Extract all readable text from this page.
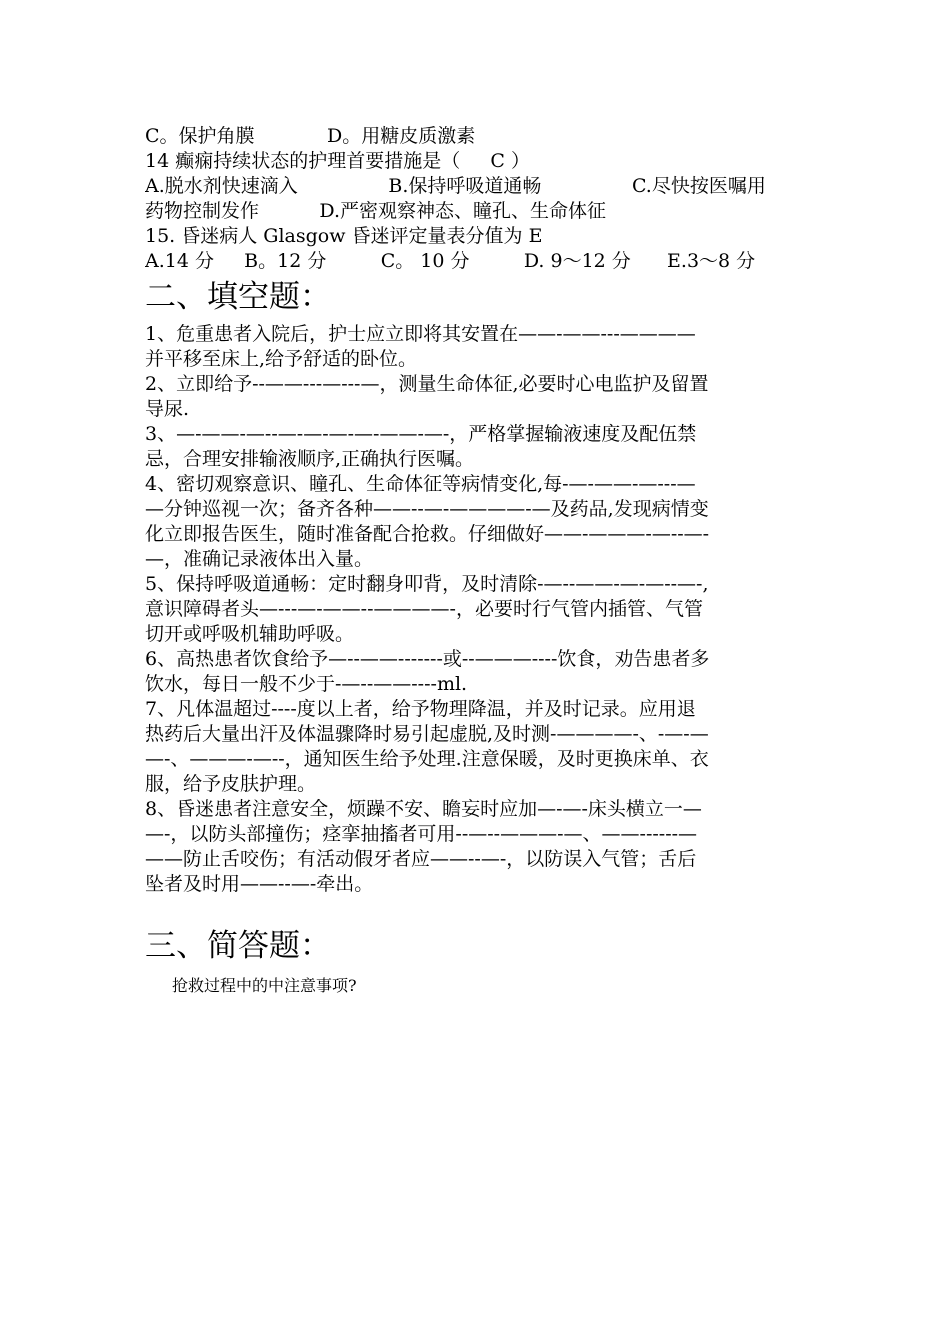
C。保护角膜            D。用糖皮质激素
14 癫痫持续状态的护理首要措施是（     C ）
A.脱水剂快速滴入               B.保持呼吸道通畅               C.尽快按医嘱用
药物控制发作          D.严密观察神态、瞳孔、生命体征
15. 昏迷病人 Glasgow 昏迷评定量表分值为 E
A.14 分     B。12 分         C。 10 分         D. 9～12 分      E.3～8 分
二、填空题：
1、危重患者入院后，护士应立即将其安置在——-——---————
并平移至床上,给予舒适的卧位。
2、立即给予--——---—---—，测量生命体征,必要时心电监护及留置
导尿.
3、—-——-—--—-—-—-—-——-—-，严格掌握输液速度及配伍禁
忌，合理安排输液顺序,正确执行医嘱。
4、密切观察意识、瞳孔、生命体征等病情变化,每-—-——-—---—
—分钟巡视一次；备齐各种——--—-————-—及药品,发现病情变
化立即报告医生，随时准备配合抢救。仔细做好——-———-—--—-
—，准确记录液体出入量。
5、保持呼吸道通畅：定时翻身叩背，及时清除-—--——-—-—--—-,
意识障碍者头—---—-——--————-，必要时行气管内插管、气管
切开或呼吸机辅助呼吸。
6、高热患者饮食给予—--——-------或--———----饮食，劝告患者多
饮水，每日一般不少于-—--——----ml.
7、凡体温超过----度以上者，给予物理降温，并及时记录。应用退
热药后大量出汗及体温骤降时易引起虚脱,及时测-————-、-—-—
—-、———-—--，通知医生给予处理.注意保暖，及时更换床单、衣
服，给予皮肤护理。
8、昏迷患者注意安全，烦躁不安、瞻妄时应加—-—-床头横立一—
—-，以防头部撞伤；痉挛抽搐者可用--—--———-—、——------—
——防止舌咬伤；有活动假牙者应——--—-，以防误入气管；舌后
坠者及时用——--—-牵出。
三、简答题：
抢救过程中的中注意事项?
